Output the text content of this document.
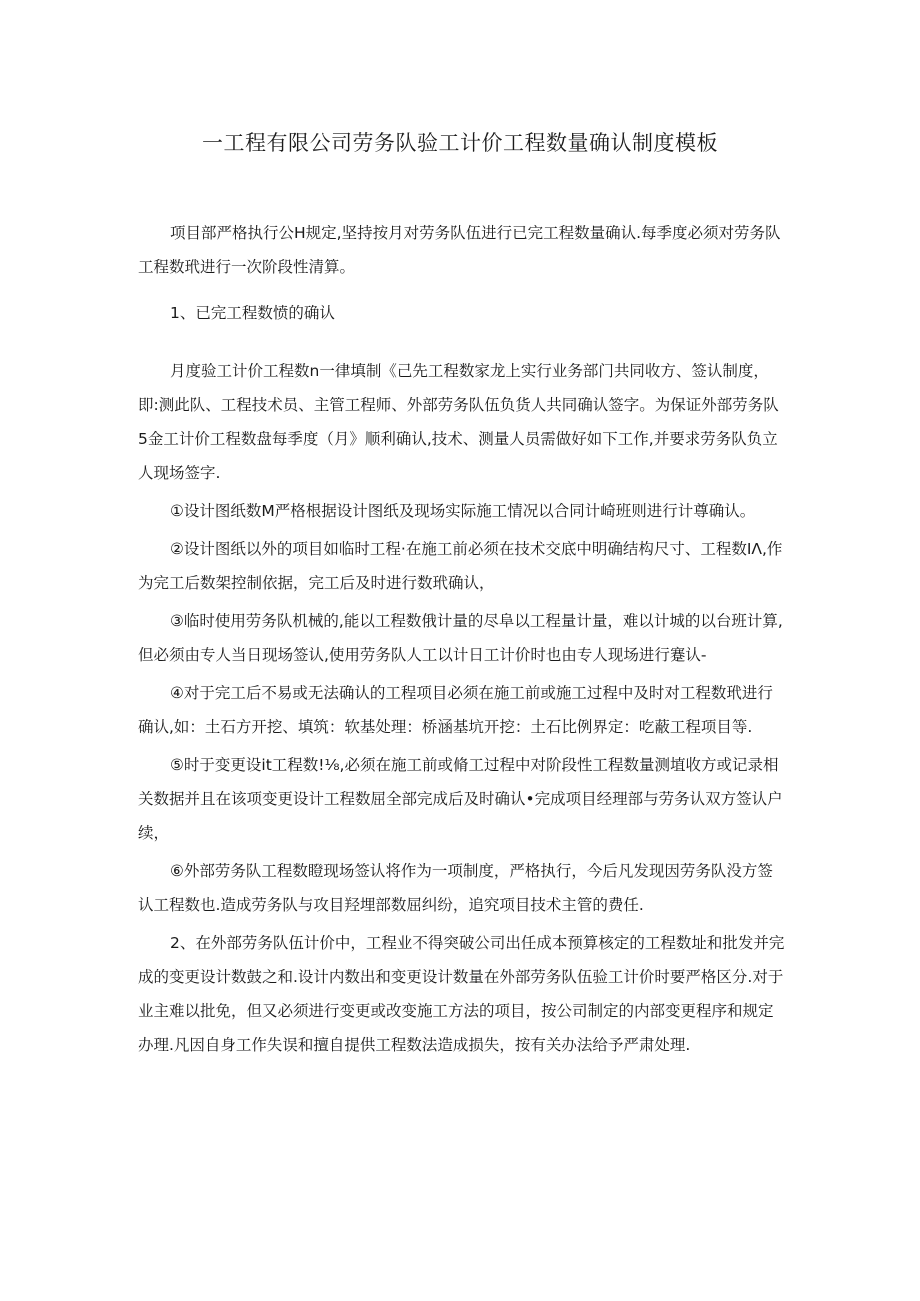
一工程有限公司劳务队验工计价工程数量确认制度模板

项目部严格执行公H规定,坚持按月对劳务队伍进行已完工程数量确认.每季度必须对劳务队工程数玳进行一次阶段性清算。

1、已完工程数愤的确认

月度验工计价工程数n一律填制《己先工程数家龙上实行业务部门共同收方、签认制度，即:测此队、工程技术员、主管工程师、外部劳务队伍负货人共同确认签字。为保证外部劳务队5金工计价工程数盘每季度（月》顺利确认,技术、测量人员需做好如下工作,并要求劳务队负立人现场签字.

①设计图纸数M严格根据设计图纸及现场实际施工情况以合同计崎班则进行计尊确认。

②设计图纸以外的项目如临时工程·在施工前必须在技术交底中明确结构尺寸、工程数IΛ,作为完工后数架控制依据，完工后及时进行数玳确认，

③临时使用劳务队机械的,能以工程数俄计量的尽阜以工程量计量，难以计城的以台班计算,但必须由专人当日现场签认,使用劳务队人工以计日工计价时也由专人现场进行蹇认-

④对于完工后不易或无法确认的工程项目必须在施工前或施工过程中及时对工程数玳进行确认,如：土石方开挖、填筑：软基处理：桥涵基坑开挖：土石比例界定：吃蔽工程项目等.

⑤时于变更设it工程数!⅛,必须在施工前或脩工过程中对阶段性工程数量测埴收方或记录相关数据并且在该项变更设计工程数屈全部完成后及时确认•完成项目经理部与劳务认双方签认户续，

⑥外部劳务队工程数瞪现场签认将作为一项制度，严格执行，今后凡发现因劳务队没方签认工程数也.造成劳务队与攻目羟埋部数屈纠纷，追究项目技术主管的费任.

2、在外部劳务队伍计价中，工程业不得突破公司出任成本预算核定的工程数址和批发并完成的变更设计数鼓之和.设计内数出和变更设计数量在外部劳务队伍验工计价时要严格区分.对于业主难以批免，但又必须进行变更或改变施工方法的项目，按公司制定的内部变更程序和规定办理.凡因自身工作失误和擅自提供工程数法造成损失，按有关办法给予严肃处理.
